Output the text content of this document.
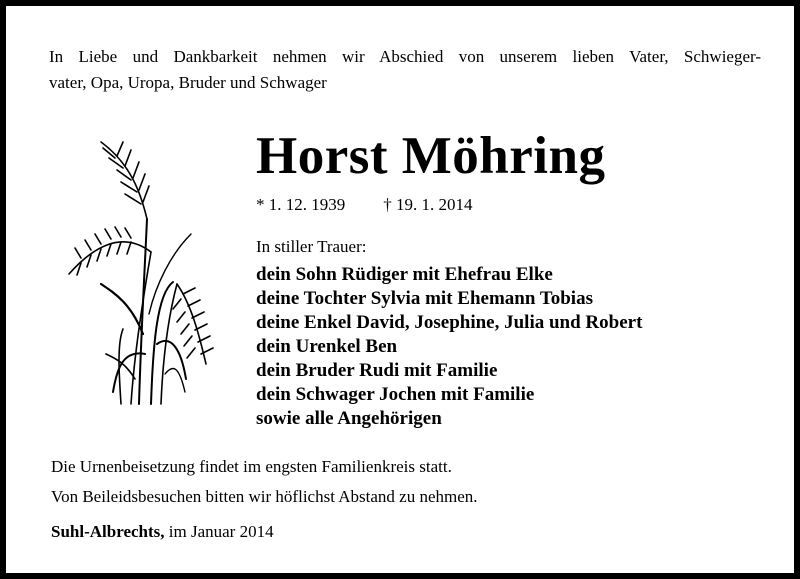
In Liebe und Dankbarkeit nehmen wir Abschied von unserem lieben Vater, Schwieger-
vater, Opa, Uropa, Bruder und Schwager
Horst Möhring
* 1. 12. 1939 † 19. 1. 2014
In stiller Trauer:
dein Sohn Rüdiger mit Ehefrau Elke
deine Tochter Sylvia mit Ehemann Tobias
deine Enkel David, Josephine, Julia und Robert
dein Urenkel Ben
dein Bruder Rudi mit Familie
dein Schwager Jochen mit Familie
sowie alle Angehörigen
Die Urnenbeisetzung findet im engsten Familienkreis statt.
Von Beileidsbesuchen bitten wir höflichst Abstand zu nehmen.
Suhl-Albrechts, im Januar 2014
